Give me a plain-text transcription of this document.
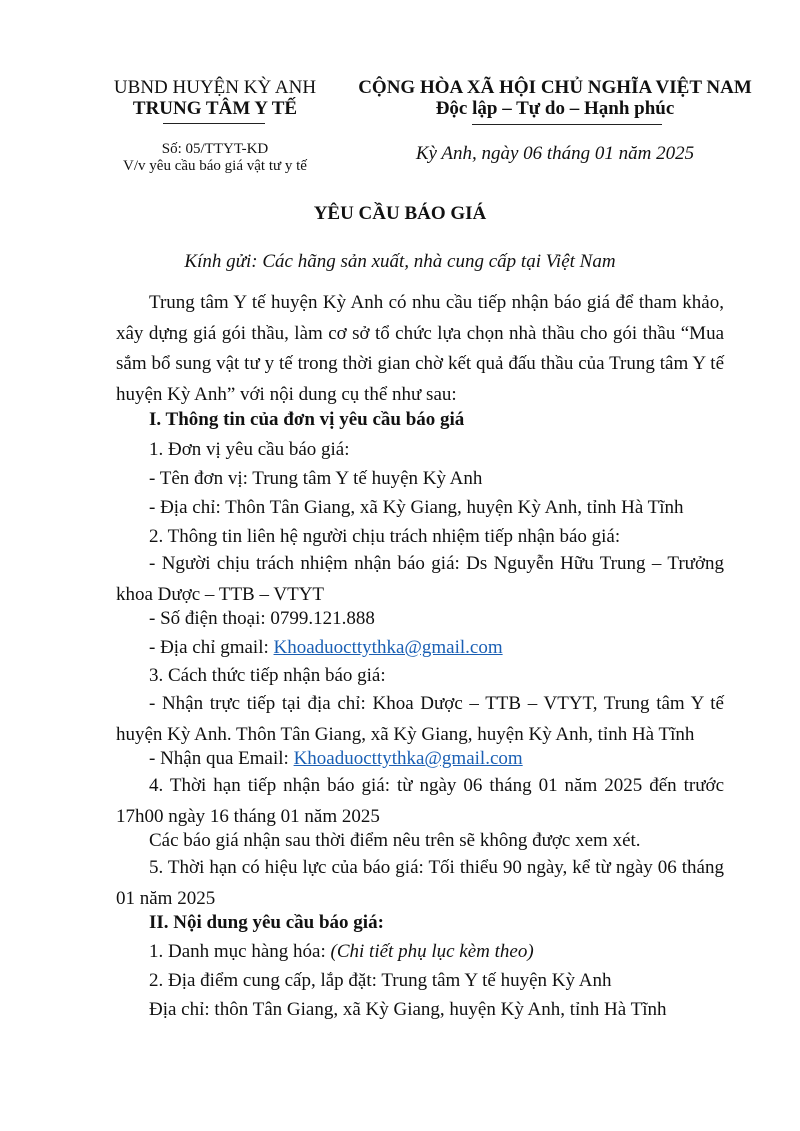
UBND HUYỆN KỲ ANH
TRUNG TÂM Y TẾ
Số: 05/TTYT-KD
V/v yêu cầu báo giá vật tư y tế
CỘNG HÒA XÃ HỘI CHỦ NGHĨA VIỆT NAM
Độc lập – Tự do – Hạnh phúc
Kỳ Anh, ngày 06 tháng 01 năm 2025
YÊU CẦU BÁO GIÁ
Kính gửi: Các hãng sản xuất, nhà cung cấp tại Việt Nam
Trung tâm Y tế huyện Kỳ Anh có nhu cầu tiếp nhận báo giá để tham khảo, xây dựng giá gói thầu, làm cơ sở tổ chức lựa chọn nhà thầu cho gói thầu “Mua sắm bổ sung vật tư y tế trong thời gian chờ kết quả đấu thầu của Trung tâm Y tế huyện Kỳ Anh” với nội dung cụ thể như sau:
I. Thông tin của đơn vị yêu cầu báo giá
1. Đơn vị yêu cầu báo giá:
- Tên đơn vị: Trung tâm Y tế huyện Kỳ Anh
- Địa chỉ: Thôn Tân Giang, xã Kỳ Giang, huyện Kỳ Anh, tỉnh Hà Tĩnh
2. Thông tin liên hệ người chịu trách nhiệm tiếp nhận báo giá:
- Người chịu trách nhiệm nhận báo giá: Ds Nguyễn Hữu Trung – Trưởng khoa Dược – TTB – VTYT
- Số điện thoại: 0799.121.888
- Địa chỉ gmail: Khoaduocttythka@gmail.com
3. Cách thức tiếp nhận báo giá:
- Nhận trực tiếp tại địa chỉ: Khoa Dược – TTB – VTYT, Trung tâm Y tế huyện Kỳ Anh. Thôn Tân Giang, xã Kỳ Giang, huyện Kỳ Anh, tỉnh Hà Tĩnh
- Nhận qua Email: Khoaduocttythka@gmail.com
4. Thời hạn tiếp nhận báo giá: từ ngày 06 tháng 01 năm 2025 đến trước 17h00 ngày 16 tháng 01 năm 2025
Các báo giá nhận sau thời điểm nêu trên sẽ không được xem xét.
5. Thời hạn có hiệu lực của báo giá: Tối thiểu 90 ngày, kể từ ngày 06 tháng 01 năm 2025
II. Nội dung yêu cầu báo giá:
1. Danh mục hàng hóa: (Chi tiết phụ lục kèm theo)
2. Địa điểm cung cấp, lắp đặt: Trung tâm Y tế huyện Kỳ Anh
Địa chỉ: thôn Tân Giang, xã Kỳ Giang, huyện Kỳ Anh, tỉnh Hà Tĩnh
